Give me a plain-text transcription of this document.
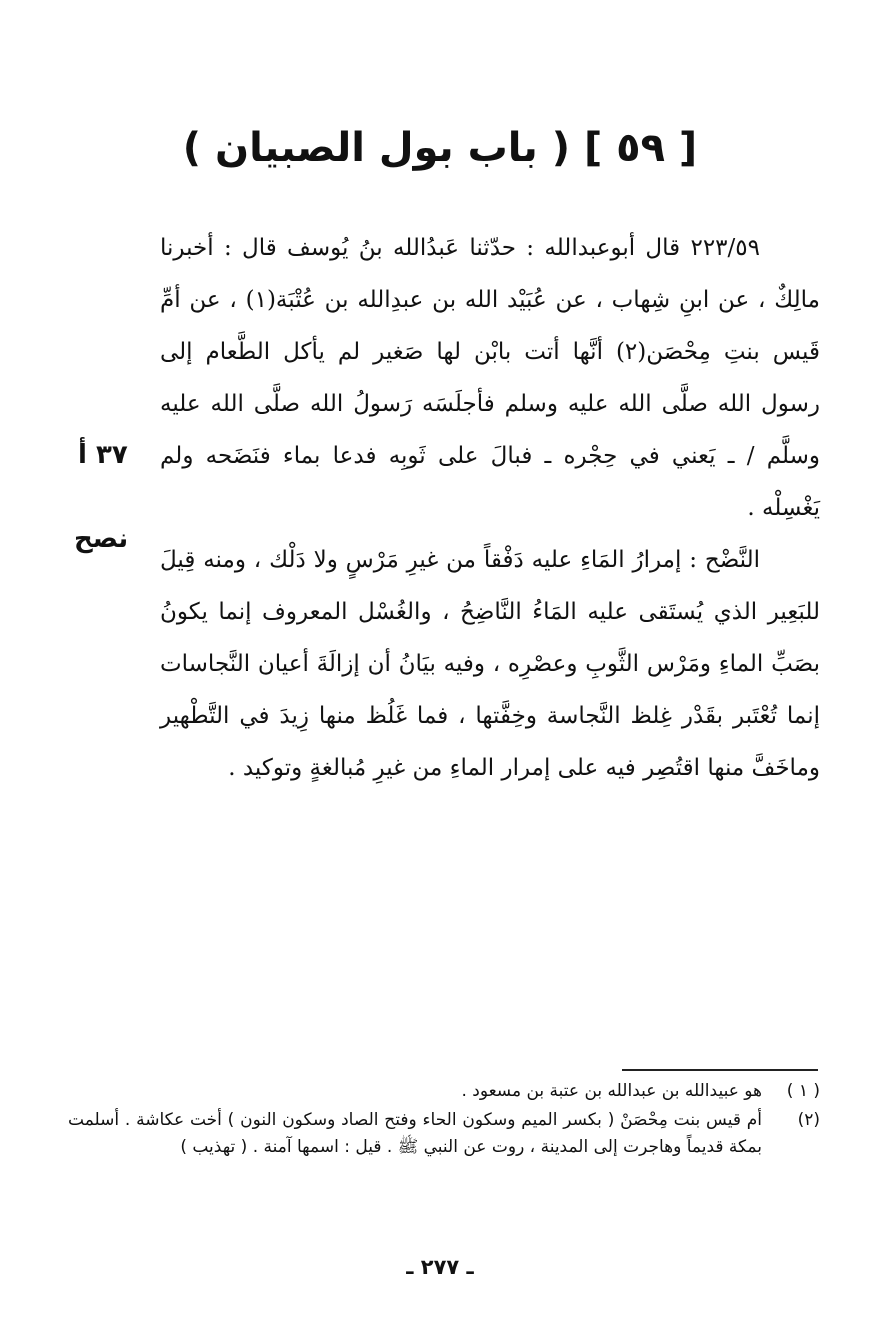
[ ٥٩ ] ( باب بول الصبيان )

٢٢٣/٥٩ قال أبوعبدالله : حدّثنا عَبدُالله بنُ يُوسف قال : أخبرنا مالِكٌ ، عن ابنِ شِهاب ، عن عُبَيْد الله بن عبدِالله بن عُتْبَة(١) ، عن أمِّ قَيس بنتِ مِحْصَن(٢) أنَّها أتت بابْن لها صَغير لم يأكل الطَّعام إلى رسول الله صلَّى الله عليه وسلم فأجلَسَه رَسولُ الله صلَّى الله عليه وسلَّم / ـ يَعني في حِجْره ـ فبالَ على ثَوبِه فدعا بماء فنَضَحه ولم يَغْسِلْه .

النَّضْح : إمرارُ المَاءِ عليه دَفْقاً من غيرِ مَرْسٍ ولا دَلْك ، ومنه قِيلَ للبَعِير الذي يُستَقى عليه المَاءُ النَّاضِحُ ، والغُسْل المعروف إنما يكونُ بصَبِّ الماءِ ومَرْس الثَّوبِ وعصْرِه ، وفيه بيَانُ أن إزالَةَ أعيان النَّجاسات إنما تُعْتَبر بقَدْر غِلظ النَّجاسة وخِفَّتها ، فما غَلُظ منها زِيدَ في التَّطْهير وماخَفَّ منها اقتُصِر فيه على إمرار الماءِ من غيرِ مُبالغةٍ وتوكيد .

٣٧ أ
نصح
( ١ )
هو عبيدالله بن عبدالله بن عتبة بن مسعود .
(٢)
أم قيس بنت مِحْصَنْ ( بكسر الميم وسكون الحاء وفتح الصاد وسكون النون ) أخت عكاشة . أسلمت بمكة قديماً وهاجرت إلى المدينة ، روت عن النبي ﷺ . قيل : اسمها آمنة . ( تهذيب )
ـ ٢٧٧ ـ
